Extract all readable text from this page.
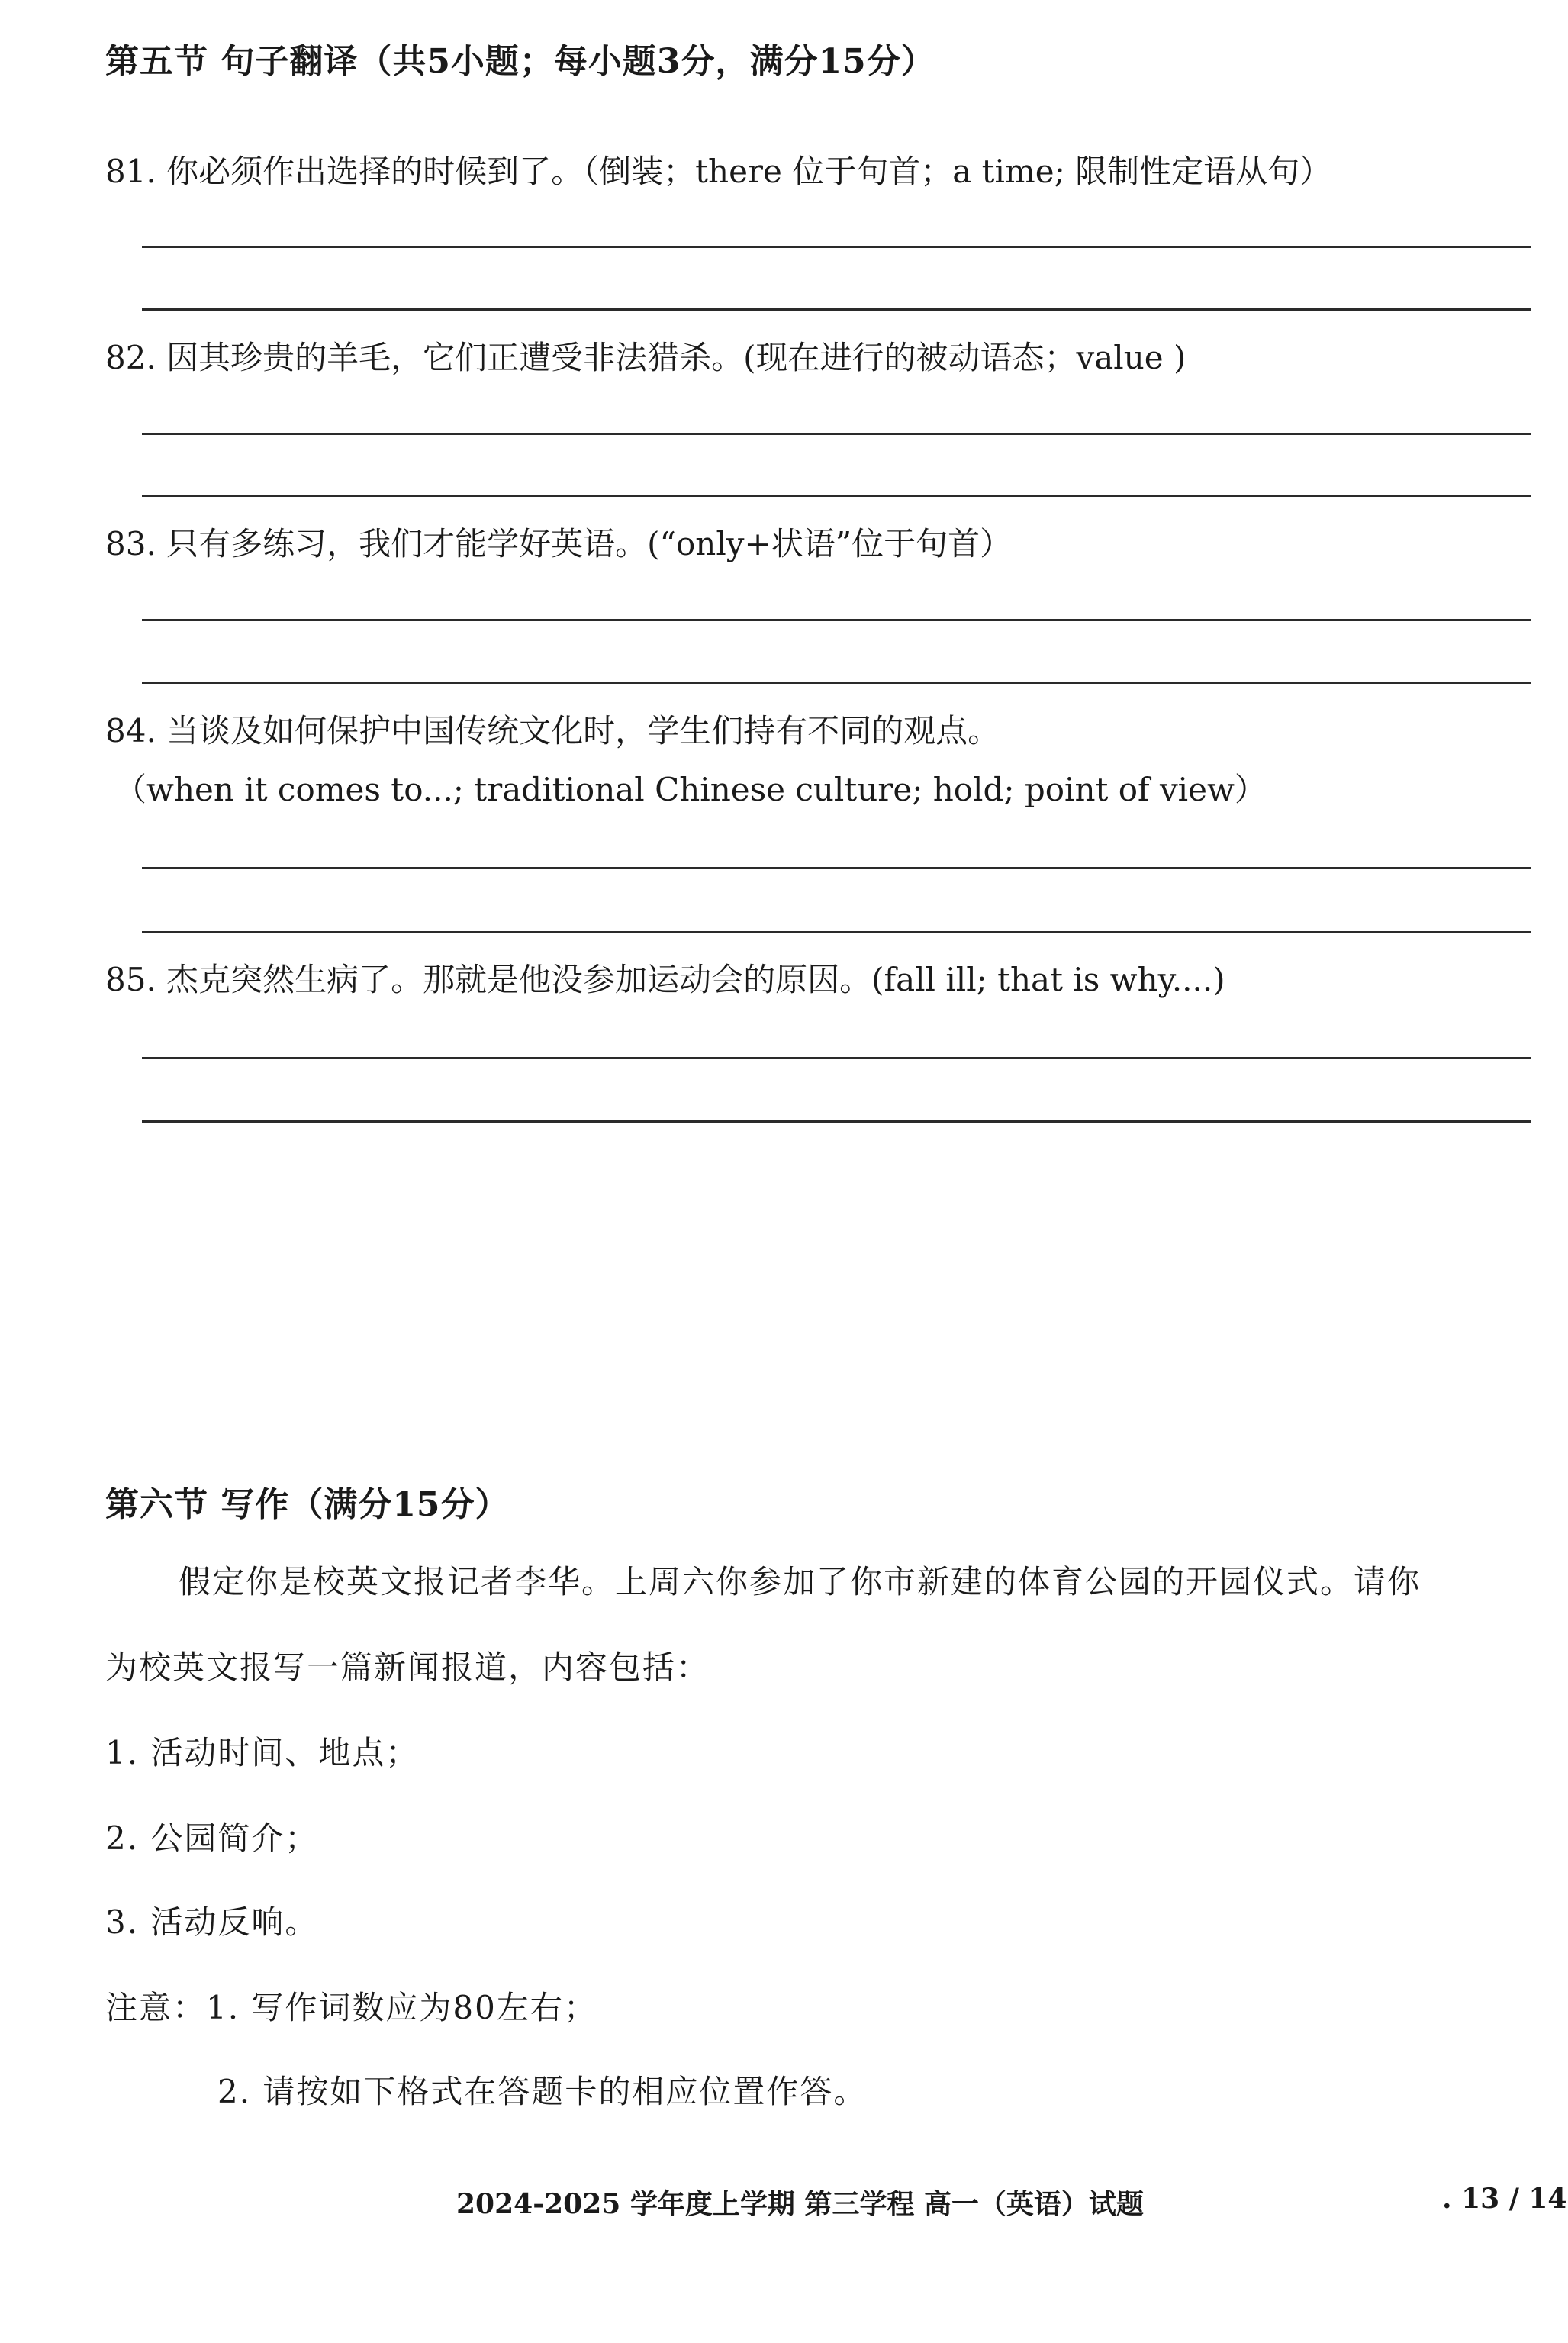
第五节 句子翻译（共5小题；每小题3分，满分15分）
81. 你必须作出选择的时候到了。（倒装；there 位于句首；a time; 限制性定语从句）
82. 因其珍贵的羊毛，它们正遭受非法猎杀。(现在进行的被动语态；value )
83. 只有多练习，我们才能学好英语。(“only+状语”位于句首）
84. 当谈及如何保护中国传统文化时，学生们持有不同的观点。
（when it comes to...; traditional Chinese culture; hold; point of view）
85. 杰克突然生病了。那就是他没参加运动会的原因。(fall ill; that is why....)
第六节 写作（满分15分）
假定你是校英文报记者李华。上周六你参加了你市新建的体育公园的开园仪式。请你
为校英文报写一篇新闻报道，内容包括：
1. 活动时间、地点；
2. 公园简介；
3. 活动反响。
注意：1. 写作词数应为80左右；
2. 请按如下格式在答题卡的相应位置作答。
2024-2025 学年度上学期 第三学程 高一（英语）试题	. 13 / 14
